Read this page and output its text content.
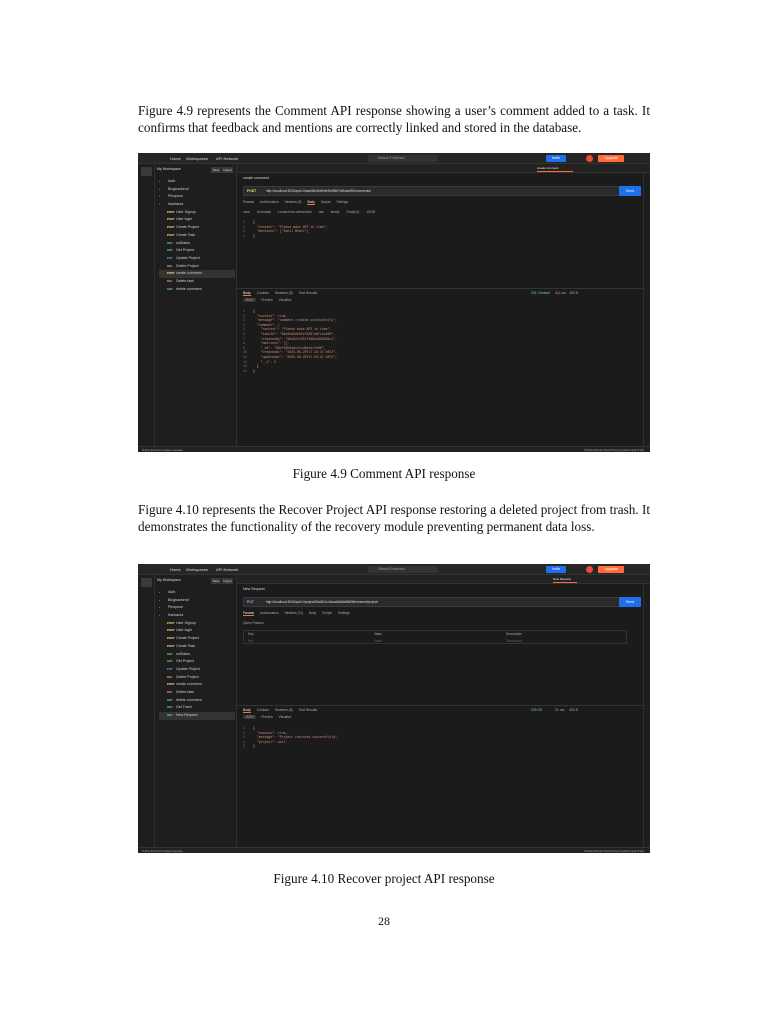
Figure 4.9 represents the Comment API response showing a user’s comment added to a task. It confirms that feedback and mentions are correctly linked and stored in the database.

Home Workspaces API Network	Search Postman	Invite	Upgrade
My Workspace	New	Import
› Auth
› Blogbackend
› Pinsproul
› Kanbania
POSTUser Signup
POSTUser login
POSTCreate Project
POSTCreate Task
GET usStatus
GET Get Project
PUT Update Project
DEL Delete Project
POSTcreate comment
DEL Delete task
GET delete comment
create comment
create comment
POST	http://localhost:3000/api/v1/task/68c9b8b9e9fef3567a9fcac890/comments/	Send
Params Authorization Headers (8) Body Scripts Settings
none form-data x-www-form-urlencoded raw binary GraphQL JSON
1	{
2	"content": "Please make API in time",
3	"mentions": ["Sunil Bhatt"]
4	}
Body Cookies Headers (8) Test Results	201 Created 411 ms 453 B
JSON Preview Visualize
1	{
2	"success": true,
3	"message": "comment created successfully",
4	"comment": {
5	"content": "Please make API in time",
6	"taskId": "68c9b8b9e9fef3567a9fcac890",
7	"createdBy": "68c8cfc5571fdba1983281c1",
8	"mentions": [],
9	"_id": "68cf93b94acc1cd8d1e1fe06",
10    "createdAt": "2025-09-20T17:23:37.867Z",
11    "updatedAt": "2025-09-20T17:23:37.867Z",
12    "__v": 0
13  }
14 }
Online Find and replace Console	Postbot Runner Start Proxy Cookies Vault Trash

Figure 4.9 Comment API response

Figure 4.10 represents the Recover Project API response restoring a deleted project from trash. It demonstrates the functionality of the recovery module preventing permanent data loss.

Home Workspaces API Network	Search Postman	Invite	Upgrade
My Workspace	New	Import
› Auth
› Blogbackend
› Pinsproul
› Kanbania
POSTUser Signup
POSTUser login
POSTCreate Project
POSTCreate Task
GET usStatus
GET Get Project
PUT Update Project
DEL Delete Project
POSTcreate comment
DEL Delete task
GET delete comment
GET Get Trash
GET New Request
New Request
New Request
PUT	http://localhost:3000/api/v1/project/68c8f11c4cbac68d0a58b06b/restore/project/	Send
Params Authorization Headers (11) Body Scripts Settings
Query Params
Key	Value	Description
Key	Value	Description
Body Cookies Headers (8) Test Results	200 OK	21 ms 453 B
JSON Preview Visualize
1	{
2	"success": true,
3	"message": "Project restored successfully",
4	"project": null
5	}
Online Find and replace Console	Postbot Runner Start Proxy Cookies Vault Trash

Figure 4.10 Recover project API response

28
